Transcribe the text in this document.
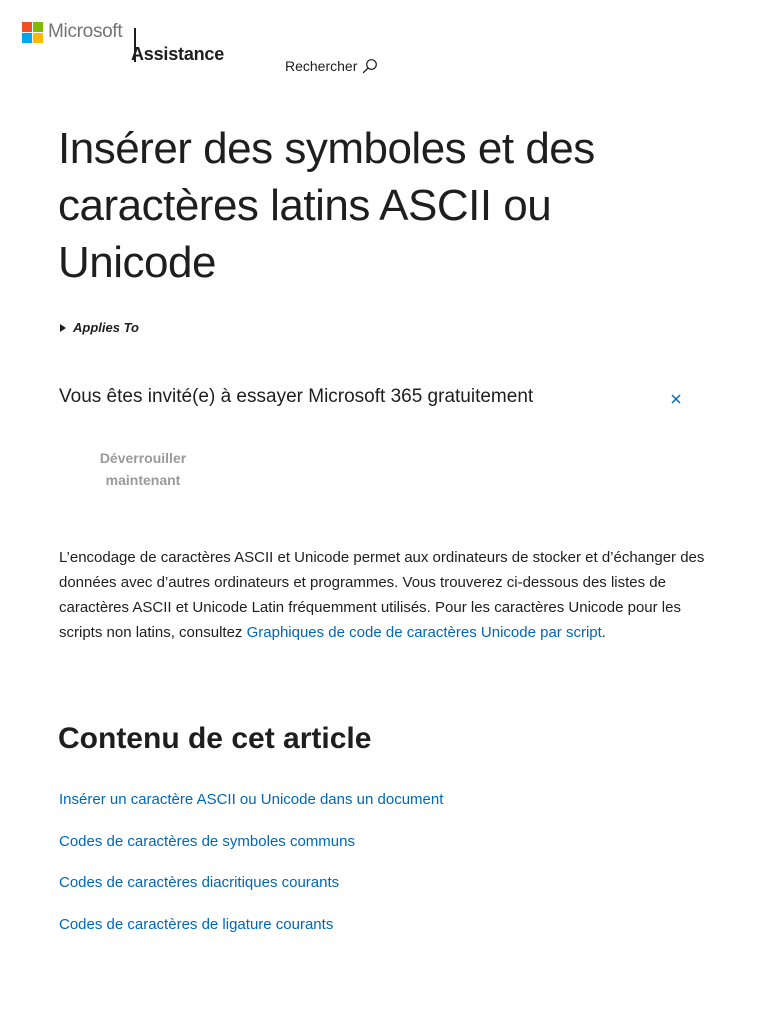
Microsoft
Assistance
Rechercher
Insérer des symboles et des caractères latins ASCII ou Unicode
Applies To
Vous êtes invité(e) à essayer Microsoft 365 gratuitement
Déverrouiller
maintenant

L’encodage de caractères ASCII et Unicode permet aux ordinateurs de stocker et d’échanger des données avec d’autres ordinateurs et programmes. Vous trouverez ci-dessous des listes de caractères ASCII et Unicode Latin fréquemment utilisés. Pour les caractères Unicode pour les scripts non latins, consultez Graphiques de code de caractères Unicode par script.

Contenu de cet article
Insérer un caractère ASCII ou Unicode dans un document
Codes de caractères de symboles communs
Codes de caractères diacritiques courants
Codes de caractères de ligature courants
